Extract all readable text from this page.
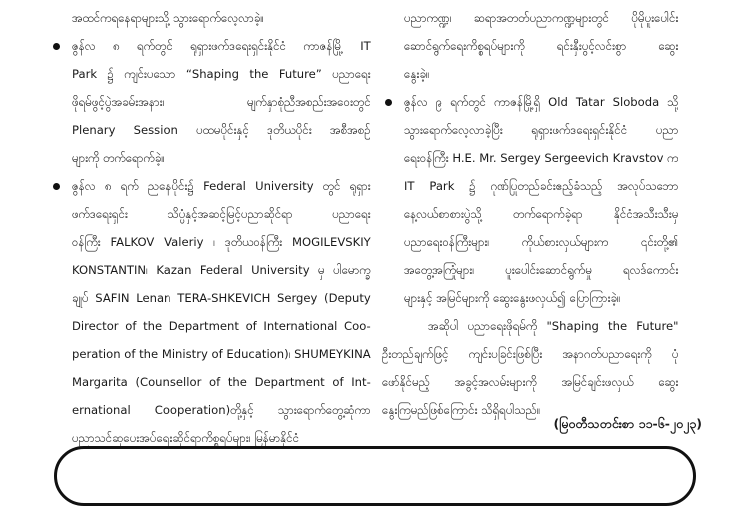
အထင်ကရနေရာများသို့ သွားရောက်လေ့လာခဲ့။
ဇွန်လ ၈ ရက်တွင် ရုရှားဖက်ဒရေးရှင်းနိုင်ငံ ကာဇန်မြို့ IT
Park ၌ ကျင်းပသော “Shaping the Future” ပညာရေး
ဖိုရမ်ဖွင့်ပွဲအခမ်းအနား၊ မျက်နှာစုံညီအစည်းအဝေးတွင်
Plenary Session ပထမပိုင်းနှင့် ဒုတိယပိုင်း အစီအစဉ်
များကို တက်ရောက်ခဲ့။
ဇွန်လ ၈ ရက် ညနေပိုင်း၌ Federal University တွင် ရုရှား
ဖက်ဒရေးရှင်း သိပ္ပံနှင့်အဆင့်မြင့်ပညာဆိုင်ရာ ပညာရေး
ဝန်ကြီး FALKOV Valeriy ၊ ဒုတိယဝန်ကြီး MOGILEVSKIY
KONSTANTIN၊ Kazan Federal University မှ ပါမောက္ခ
ချုပ် SAFIN Lenar၊ TERA-SHKEVICH Sergey (Deputy
Director of the Department of International Coo-
peration of the Ministry of Education)၊ SHUMEYKINA
Margarita (Counsellor of the Department of Int-
ernational Cooperation)တို့နှင့် သွားရောက်တွေ့ဆုံကာ
ပညာသင်ဆုပေးအပ်ရေးဆိုင်ရာကိစ္စရပ်များ၊ မြန်မာနိုင်ငံ
ပညာကဏ္ဍ၊ ဆရာအတတ်ပညာကဏ္ဍများတွင် ပိုမိုပူးပေါင်း
ဆောင်ရွက်ရေးကိစ္စရပ်များကို ရင်းနှီးပွင့်လင်းစွာ ဆွေး
နွေးခဲ့။
ဇွန်လ ၉ ရက်တွင် ကာဇန်မြို့ရှိ Old Tatar Sloboda သို့
သွားရောက်လေ့လာခဲ့ပြီး ရုရှားဖက်ဒရေးရှင်းနိုင်ငံ ပညာ
ရေးဝန်ကြီး H.E. Mr. Sergey Sergeevich Kravstov က
IT Park ၌ ဂုဏ်ပြုတည်ခင်းဧည့်ခံသည့် အလုပ်သဘော
နေ့လယ်စာစားပွဲသို့ တက်ရောက်ခဲ့ရာ နိုင်ငံအသီးသီးမှ
ပညာရေးဝန်ကြီးများ၊ ကိုယ်စားလှယ်များက ၎င်းတို့၏
အတွေ့အကြုံများ၊ ပူးပေါင်းဆောင်ရွက်မှု ရလဒ်ကောင်း
များနှင့် အမြင်များကို ဆွေးနွေးဖလှယ်၍ ပြောကြားခဲ့။
အဆိုပါ ပညာရေးဖိုရမ်ကို "Shaping the Future"
ဦးတည်ချက်ဖြင့် ကျင်းပခြင်းဖြစ်ပြီး အနာဂတ်ပညာရေးကို ပုံ
ဖော်နိုင်မည့် အခွင့်အလမ်းများကို အမြင်ချင်းဖလှယ် ဆွေး
နွေးကြမည်ဖြစ်ကြောင်း သိရှိရပါသည်။
(မြဝတီသတင်းစာ ၁၁-၆-၂၀၂၃)
